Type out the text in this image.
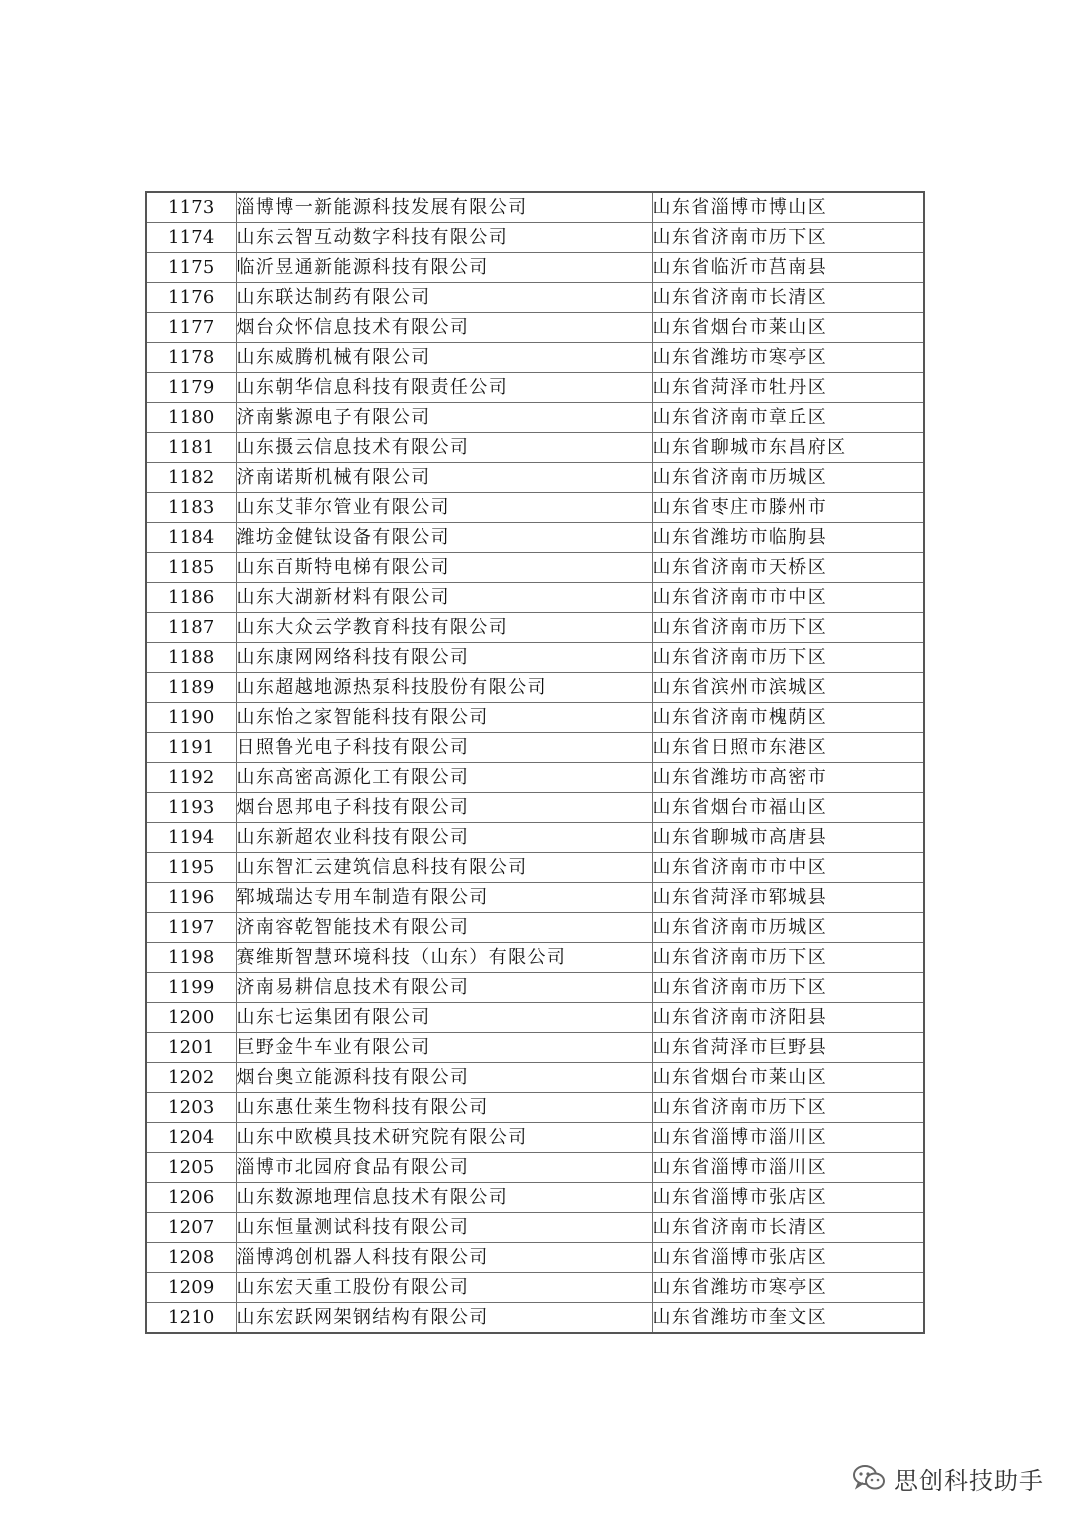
1173	淄博博一新能源科技发展有限公司	山东省淄博市博山区
1174	山东云智互动数字科技有限公司	山东省济南市历下区
1175	临沂昱通新能源科技有限公司	山东省临沂市莒南县
1176	山东联达制药有限公司	山东省济南市长清区
1177	烟台众怀信息技术有限公司	山东省烟台市莱山区
1178	山东威腾机械有限公司	山东省潍坊市寒亭区
1179	山东朝华信息科技有限责任公司	山东省菏泽市牡丹区
1180	济南紫源电子有限公司	山东省济南市章丘区
1181	山东摄云信息技术有限公司	山东省聊城市东昌府区
1182	济南诺斯机械有限公司	山东省济南市历城区
1183	山东艾菲尔管业有限公司	山东省枣庄市滕州市
1184	潍坊金健钛设备有限公司	山东省潍坊市临朐县
1185	山东百斯特电梯有限公司	山东省济南市天桥区
1186	山东大湖新材料有限公司	山东省济南市市中区
1187	山东大众云学教育科技有限公司	山东省济南市历下区
1188	山东康网网络科技有限公司	山东省济南市历下区
1189	山东超越地源热泵科技股份有限公司	山东省滨州市滨城区
1190	山东怡之家智能科技有限公司	山东省济南市槐荫区
1191	日照鲁光电子科技有限公司	山东省日照市东港区
1192	山东高密高源化工有限公司	山东省潍坊市高密市
1193	烟台恩邦电子科技有限公司	山东省烟台市福山区
1194	山东新超农业科技有限公司	山东省聊城市高唐县
1195	山东智汇云建筑信息科技有限公司	山东省济南市市中区
1196	郓城瑞达专用车制造有限公司	山东省菏泽市郓城县
1197	济南容乾智能技术有限公司	山东省济南市历城区
1198	赛维斯智慧环境科技（山东）有限公司	山东省济南市历下区
1199	济南易耕信息技术有限公司	山东省济南市历下区
1200	山东七运集团有限公司	山东省济南市济阳县
1201	巨野金牛车业有限公司	山东省菏泽市巨野县
1202	烟台奥立能源科技有限公司	山东省烟台市莱山区
1203	山东惠仕莱生物科技有限公司	山东省济南市历下区
1204	山东中欧模具技术研究院有限公司	山东省淄博市淄川区
1205	淄博市北园府食品有限公司	山东省淄博市淄川区
1206	山东数源地理信息技术有限公司	山东省淄博市张店区
1207	山东恒量测试科技有限公司	山东省济南市长清区
1208	淄博鸿创机器人科技有限公司	山东省淄博市张店区
1209	山东宏天重工股份有限公司	山东省潍坊市寒亭区
1210	山东宏跃网架钢结构有限公司	山东省潍坊市奎文区
思创科技助手
